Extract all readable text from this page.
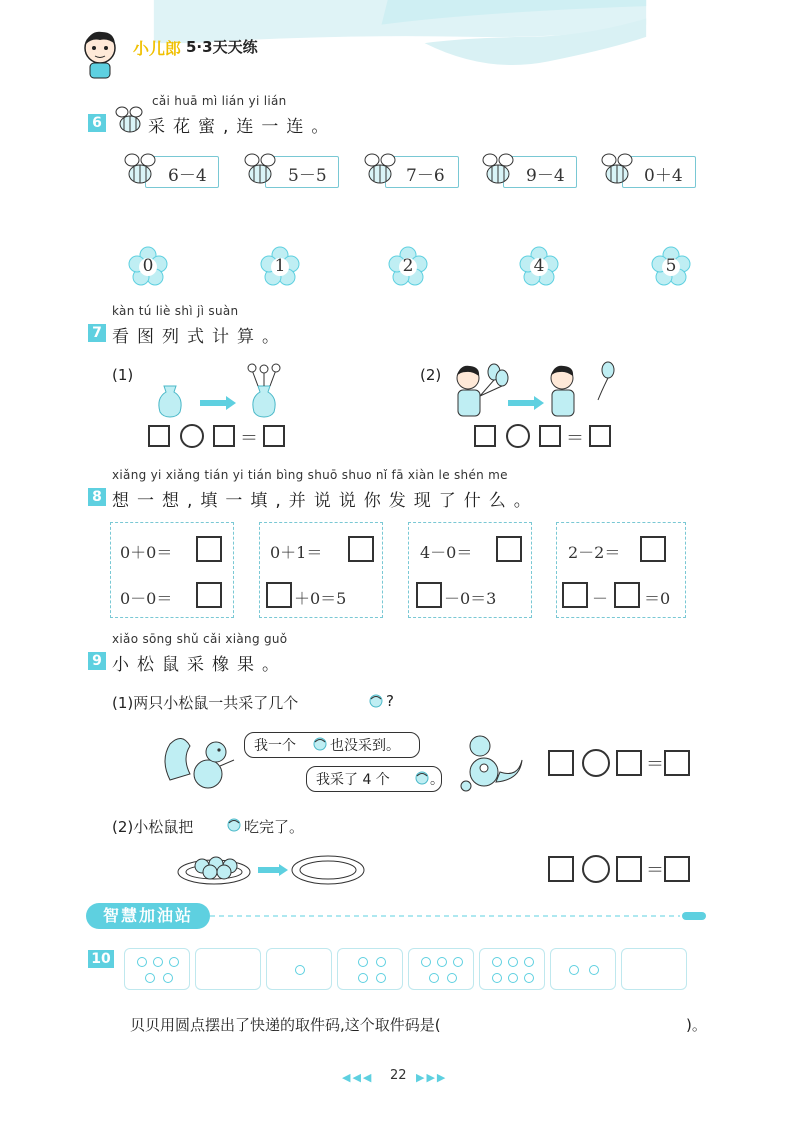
小儿郎 5·3天天练
cǎi huā mì lián yi lián
6	采花蜜,连一连。
6－4	5－5	7－6	9－4	0＋4
0	1	2	4	5
kàn tú liè shì jì suàn
7 看图列式计算。
(1)
＝
(2)
＝
xiǎng yi xiǎng tián yi tián bìng shuō shuo nǐ fā xiàn le shén me
8 想一想,填一填,并说说你发现了什么。
0＋0＝
0－0＝
0＋1＝
＋0＝5
4－0＝
－0＝3
2－2＝
－ ＝0
xiǎo sōng shǔ cǎi xiàng guǒ
9 小松鼠采橡果。
(1)两只小松鼠一共采了几个	?
我一个 也没采到。
我采了 4 个	。
＝
(2)小松鼠把	吃完了。
＝
智慧加油站
10
贝贝用圆点摆出了快递的取件码,这个取件码是(	)。
◀◀◀ 22 ▶▶▶
